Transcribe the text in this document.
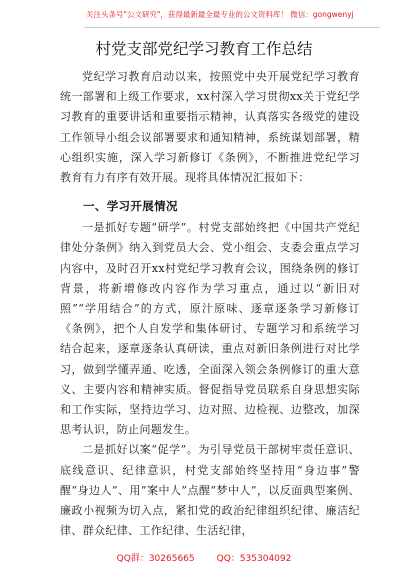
关注头条号"公文研究"，获得最新最全最专业的公文资料库！ 微信：gongwenyj
村党支部党纪学习教育工作总结

党纪学习教育启动以来，按照党中央开展党纪学习教育统一部署和上级工作要求，xx村深入学习贯彻xx关于党纪学习教育的重要讲话和重要指示精神，认真落实各级党的建设工作领导小组会议部署要求和通知精神，系统谋划部署，精心组织实施，深入学习新修订《条例》，不断推进党纪学习教育有力有序有效开展。现将具体情况汇报如下：

一、学习开展情况

一是抓好专题“研学”。村党支部始终把《中国共产党纪律处分条例》纳入到党员大会、党小组会、支委会重点学习内容中，及时召开xx村党纪学习教育会议，围绕条例的修订背景，将新增修改内容作为学习重点，通过以“新旧对照”“学用结合”的方式，原汁原味、逐章逐条学习新修订《条例》，把个人自发学和集体研讨、专题学习和系统学习结合起来，逐章逐条认真研读，重点对新旧条例进行对比学习，做到学懂弄通、吃透，全面深入领会条例修订的重大意义、主要内容和精神实质。督促指导党员联系自身思想实际和工作实际，坚持边学习、边对照、边检视、边整改，加深思考认识，防止问题发生。

二是抓好以案“促学”。为引导党员干部树牢责任意识、底线意识、纪律意识，村党支部始终坚持用“身边事”警醒“身边人”、用“案中人”点醒“梦中人”，以反面典型案例、廉政小视频为切入点，紧扣党的政治纪律组织纪律、廉洁纪律、群众纪律、工作纪律、生活纪律，

QQ群：30265665 QQ：535304092
